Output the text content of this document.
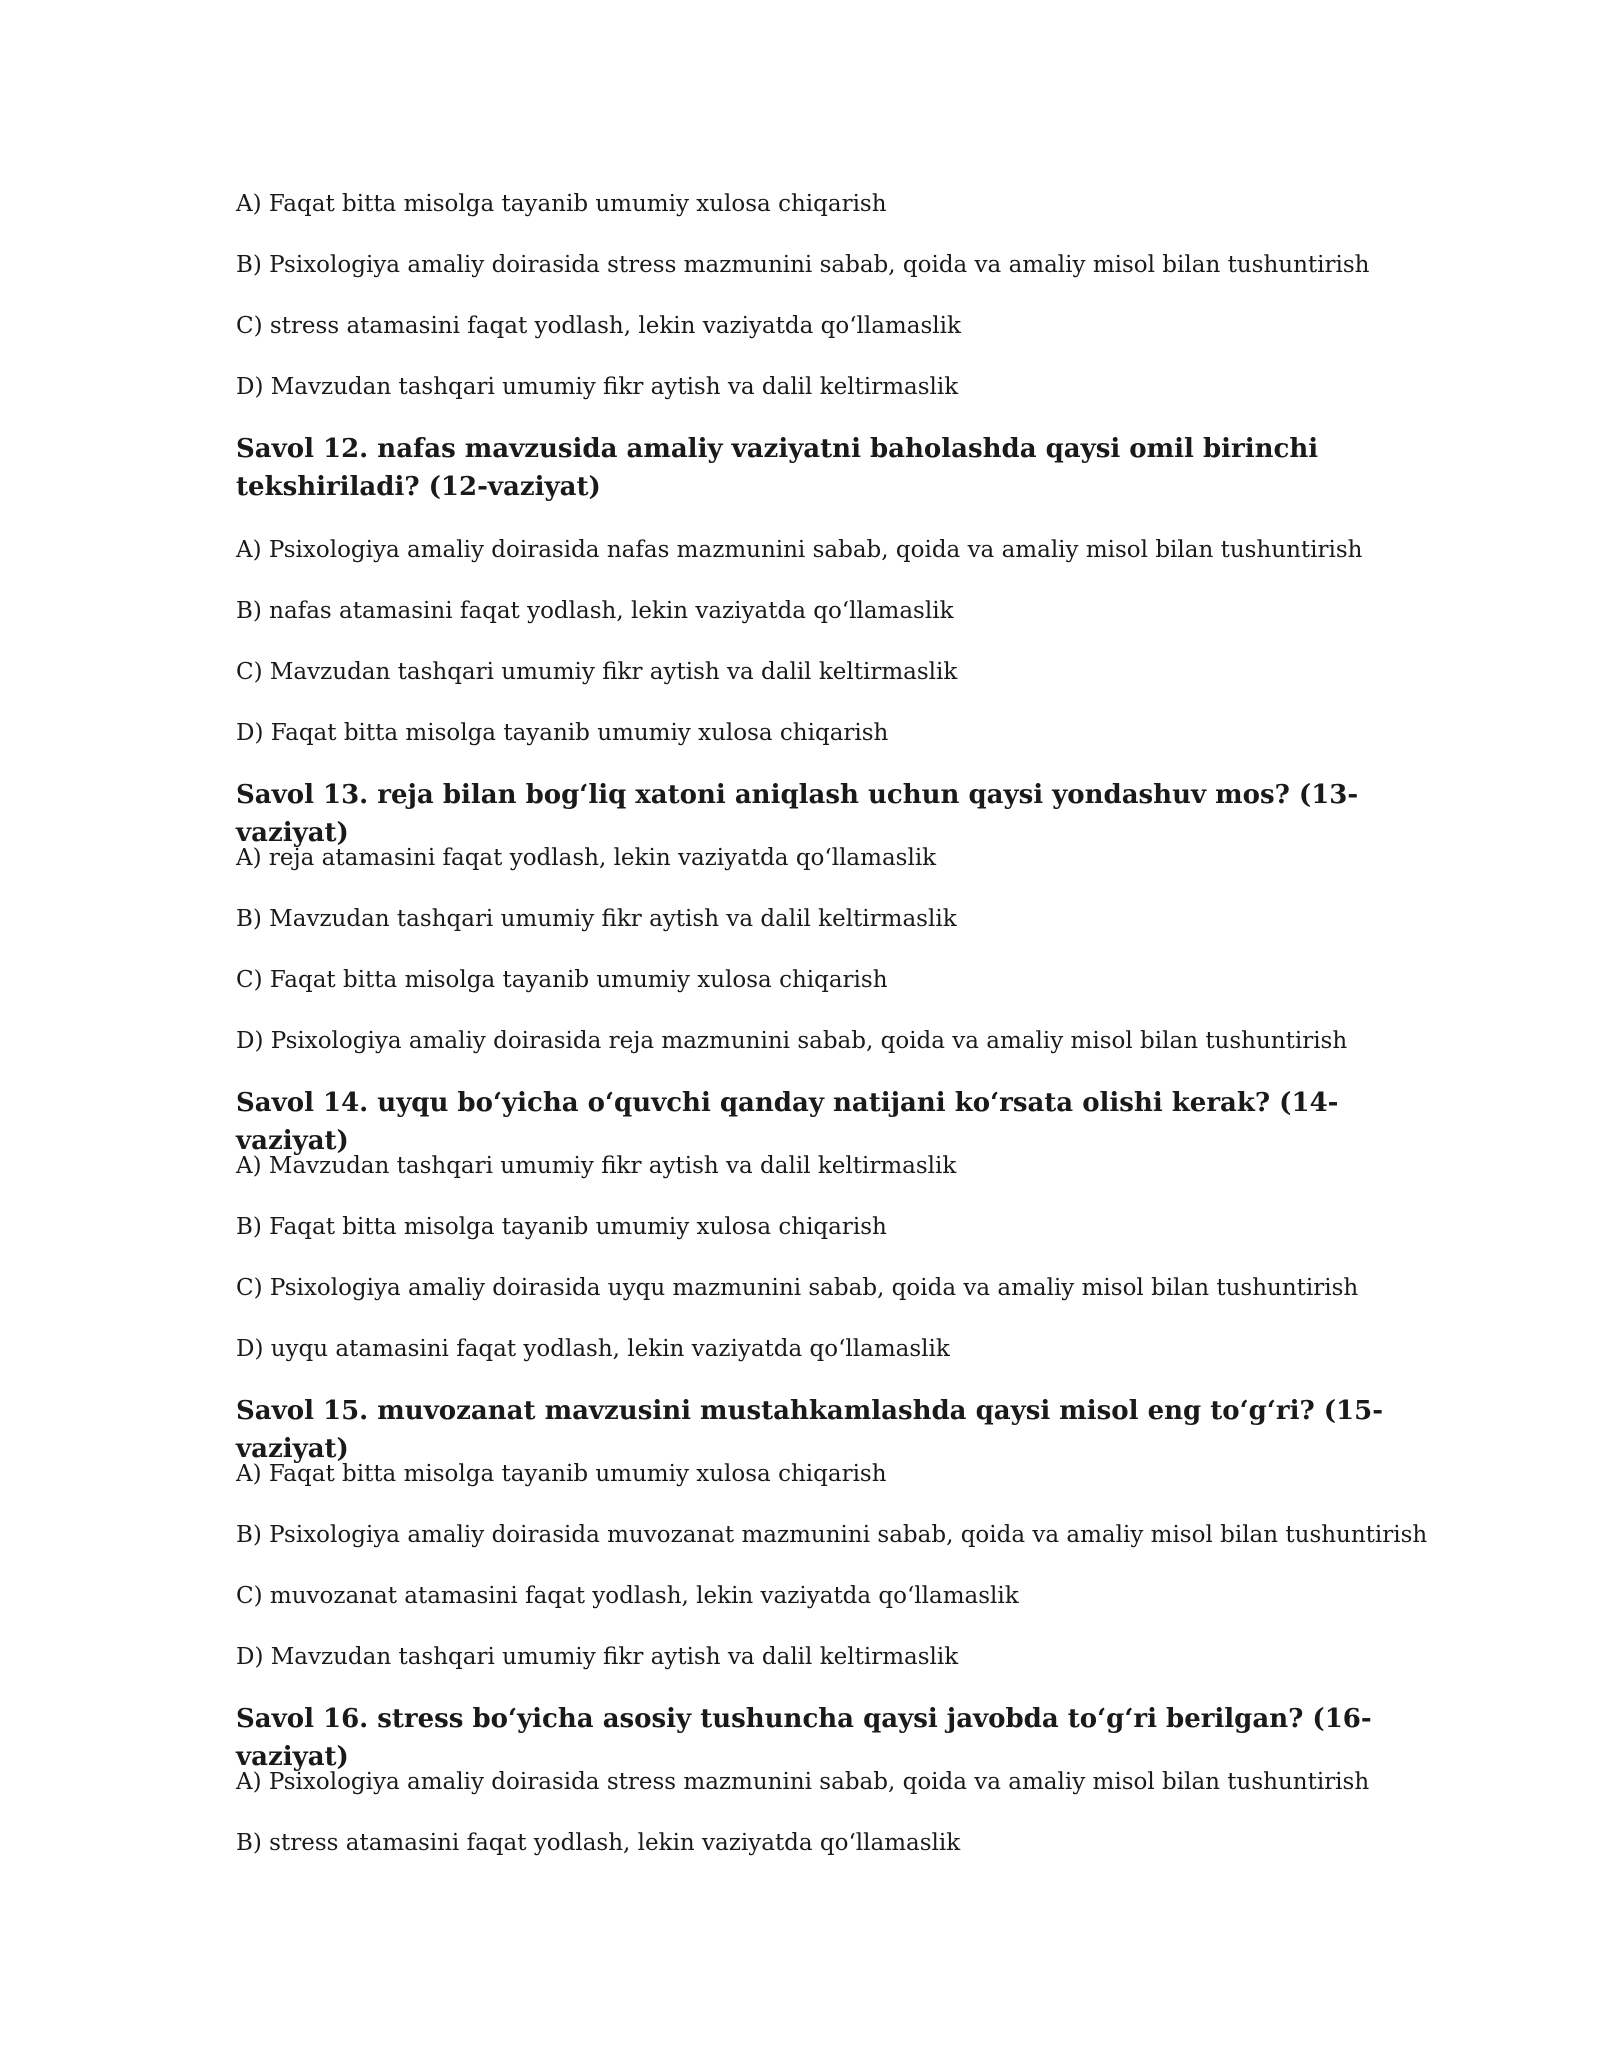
A) Faqat bitta misolga tayanib umumiy xulosa chiqarish

B) Psixologiya amaliy doirasida stress mazmunini sabab, qoida va amaliy misol bilan tushuntirish

C) stress atamasini faqat yodlash, lekin vaziyatda qoʻllamaslik

D) Mavzudan tashqari umumiy fikr aytish va dalil keltirmaslik

Savol 12. nafas mavzusida amaliy vaziyatni baholashda qaysi omil birinchi tekshiriladi? (12-vaziyat)

A) Psixologiya amaliy doirasida nafas mazmunini sabab, qoida va amaliy misol bilan tushuntirish

B) nafas atamasini faqat yodlash, lekin vaziyatda qoʻllamaslik

C) Mavzudan tashqari umumiy fikr aytish va dalil keltirmaslik

D) Faqat bitta misolga tayanib umumiy xulosa chiqarish

Savol 13. reja bilan bogʻliq xatoni aniqlash uchun qaysi yondashuv mos? (13-vaziyat)

A) reja atamasini faqat yodlash, lekin vaziyatda qoʻllamaslik

B) Mavzudan tashqari umumiy fikr aytish va dalil keltirmaslik

C) Faqat bitta misolga tayanib umumiy xulosa chiqarish

D) Psixologiya amaliy doirasida reja mazmunini sabab, qoida va amaliy misol bilan tushuntirish

Savol 14. uyqu boʻyicha oʻquvchi qanday natijani koʻrsata olishi kerak? (14-vaziyat)

A) Mavzudan tashqari umumiy fikr aytish va dalil keltirmaslik

B) Faqat bitta misolga tayanib umumiy xulosa chiqarish

C) Psixologiya amaliy doirasida uyqu mazmunini sabab, qoida va amaliy misol bilan tushuntirish

D) uyqu atamasini faqat yodlash, lekin vaziyatda qoʻllamaslik

Savol 15. muvozanat mavzusini mustahkamlashda qaysi misol eng toʻgʻri? (15-vaziyat)

A) Faqat bitta misolga tayanib umumiy xulosa chiqarish

B) Psixologiya amaliy doirasida muvozanat mazmunini sabab, qoida va amaliy misol bilan tushuntirish

C) muvozanat atamasini faqat yodlash, lekin vaziyatda qoʻllamaslik

D) Mavzudan tashqari umumiy fikr aytish va dalil keltirmaslik

Savol 16. stress boʻyicha asosiy tushuncha qaysi javobda toʻgʻri berilgan? (16-vaziyat)

A) Psixologiya amaliy doirasida stress mazmunini sabab, qoida va amaliy misol bilan tushuntirish

B) stress atamasini faqat yodlash, lekin vaziyatda qoʻllamaslik
